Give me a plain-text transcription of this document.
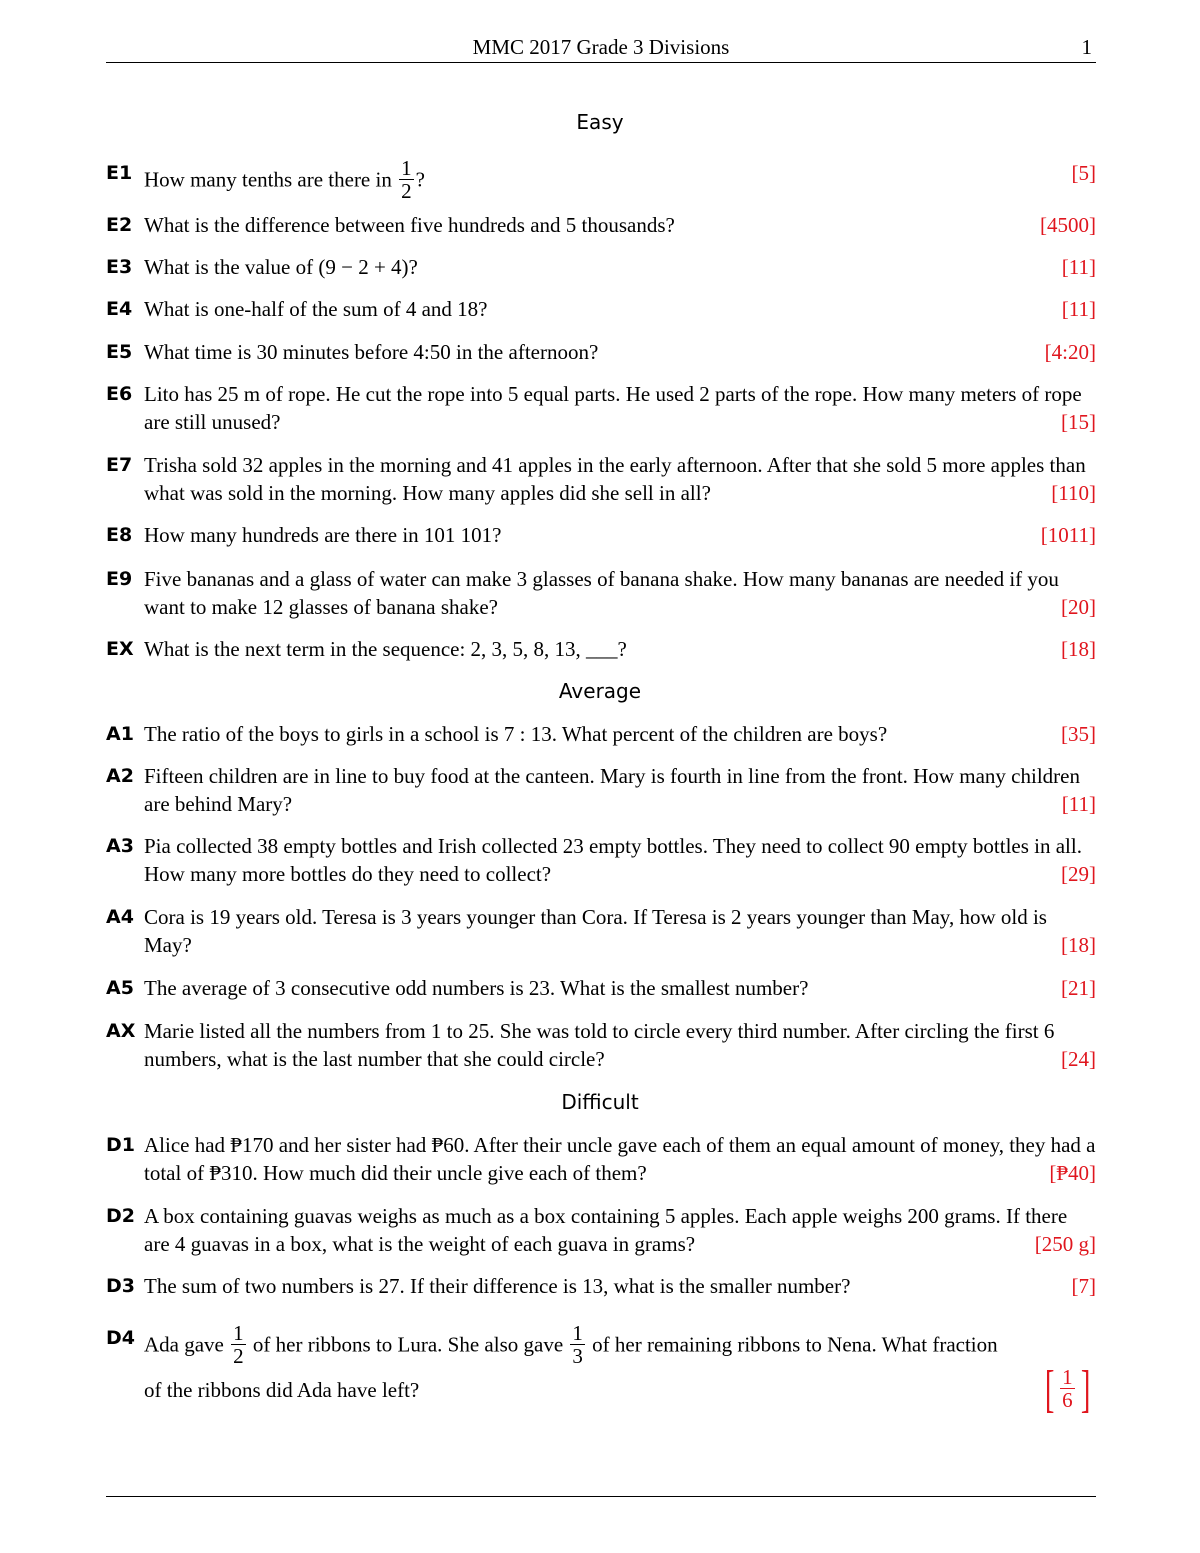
MMC 2017 Grade 3 Divisions	1
Easy
E1	[5]
How many tenths are there in $\frac{1}{2}$ ?
E2	[4500]
What is the difference between five hundreds and 5 thousands?
E3	[11]
What is the value of (9 − 2 + 4)?
E4	[11]
What is one-half of the sum of 4 and 18?
E5	[4:20]
What time is 30 minutes before 4:50 in the afternoon?
E6 Lito has 25 m of rope. He cut the rope into 5 equal parts. He used 2 parts of the rope. How many meters of rope are still unused?	[15]
E7 Trisha sold 32 apples in the morning and 41 apples in the early afternoon. After that she sold 5 more apples than what was sold in the morning. How many apples did she sell in all?	[110]
E8	[1011]
How many hundreds are there in 101 101?
E9 Five bananas and a glass of water can make 3 glasses of banana shake. How many bananas are needed if you want to make 12 glasses of banana shake?	[20]
EX	[18]
What is the next term in the sequence: 2, 3, 5, 8, 13, ___?
Average
A1	[35]
The ratio of the boys to girls in a school is 7 : 13. What percent of the children are boys?
A2 Fifteen children are in line to buy food at the canteen. Mary is fourth in line from the front. How many children are behind Mary?	[11]
A3 Pia collected 38 empty bottles and Irish collected 23 empty bottles. They need to collect 90 empty bottles in all. How many more bottles do they need to collect?	[29]
A4 Cora is 19 years old. Teresa is 3 years younger than Cora. If Teresa is 2 years younger than May, how old is May?	[18]
A5	[21]
The average of 3 consecutive odd numbers is 23. What is the smallest number?
AX Marie listed all the numbers from 1 to 25. She was told to circle every third number. After circling the first 6 numbers, what is the last number that she could circle?	[24]
Difficult
D1 Alice had ₱170 and her sister had ₱60. After their uncle gave each of them an equal amount of money, they had a total of ₱310. How much did their uncle give each of them?	[₱40]
D2 A box containing guavas weighs as much as a box containing 5 apples. Each apple weighs 200 grams. If there are 4 guavas in a box, what is the weight of each guava in grams?	[250 g]
D3	[7]
The sum of two numbers is 27. If their difference is 13, what is the smaller number?
D4 Ada gave $\frac{1}{2}$ of her ribbons to Lura. She also gave $\frac{1}{3}$ of her remaining ribbons to Nena. What fraction
of the ribbons did Ada have left?	[ $\frac{1}{6}$ ]
